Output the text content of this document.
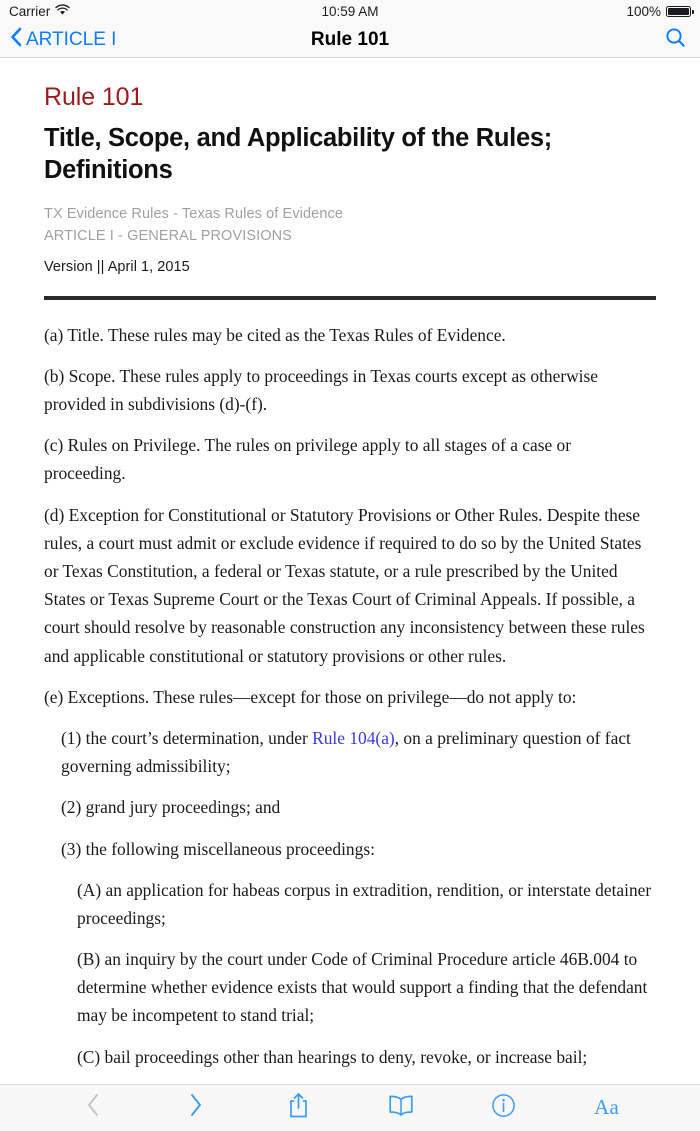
Carrier	10:59 AM	100%
ARTICLE I	Rule 101
Rule 101
Title, Scope, and Applicability of the Rules; Definitions
TX Evidence Rules - Texas Rules of Evidence
ARTICLE I - GENERAL PROVISIONS
Version || April 1, 2015
(a) Title. These rules may be cited as the Texas Rules of Evidence.
(b) Scope. These rules apply to proceedings in Texas courts except as otherwise provided in subdivisions (d)-(f).
(c) Rules on Privilege. The rules on privilege apply to all stages of a case or proceeding.
(d) Exception for Constitutional or Statutory Provisions or Other Rules. Despite these rules, a court must admit or exclude evidence if required to do so by the United States or Texas Constitution, a federal or Texas statute, or a rule prescribed by the United States or Texas Supreme Court or the Texas Court of Criminal Appeals. If possible, a court should resolve by reasonable construction any inconsistency between these rules and applicable constitutional or statutory provisions or other rules.
(e) Exceptions. These rules—except for those on privilege—do not apply to:
(1) the court’s determination, under Rule 104(a), on a preliminary question of fact governing admissibility;
(2) grand jury proceedings; and
(3) the following miscellaneous proceedings:
(A) an application for habeas corpus in extradition, rendition, or interstate detainer proceedings;
(B) an inquiry by the court under Code of Criminal Procedure article 46B.004 to determine whether evidence exists that would support a finding that the defendant may be incompetent to stand trial;
(C) bail proceedings other than hearings to deny, revoke, or increase bail;
Aa
